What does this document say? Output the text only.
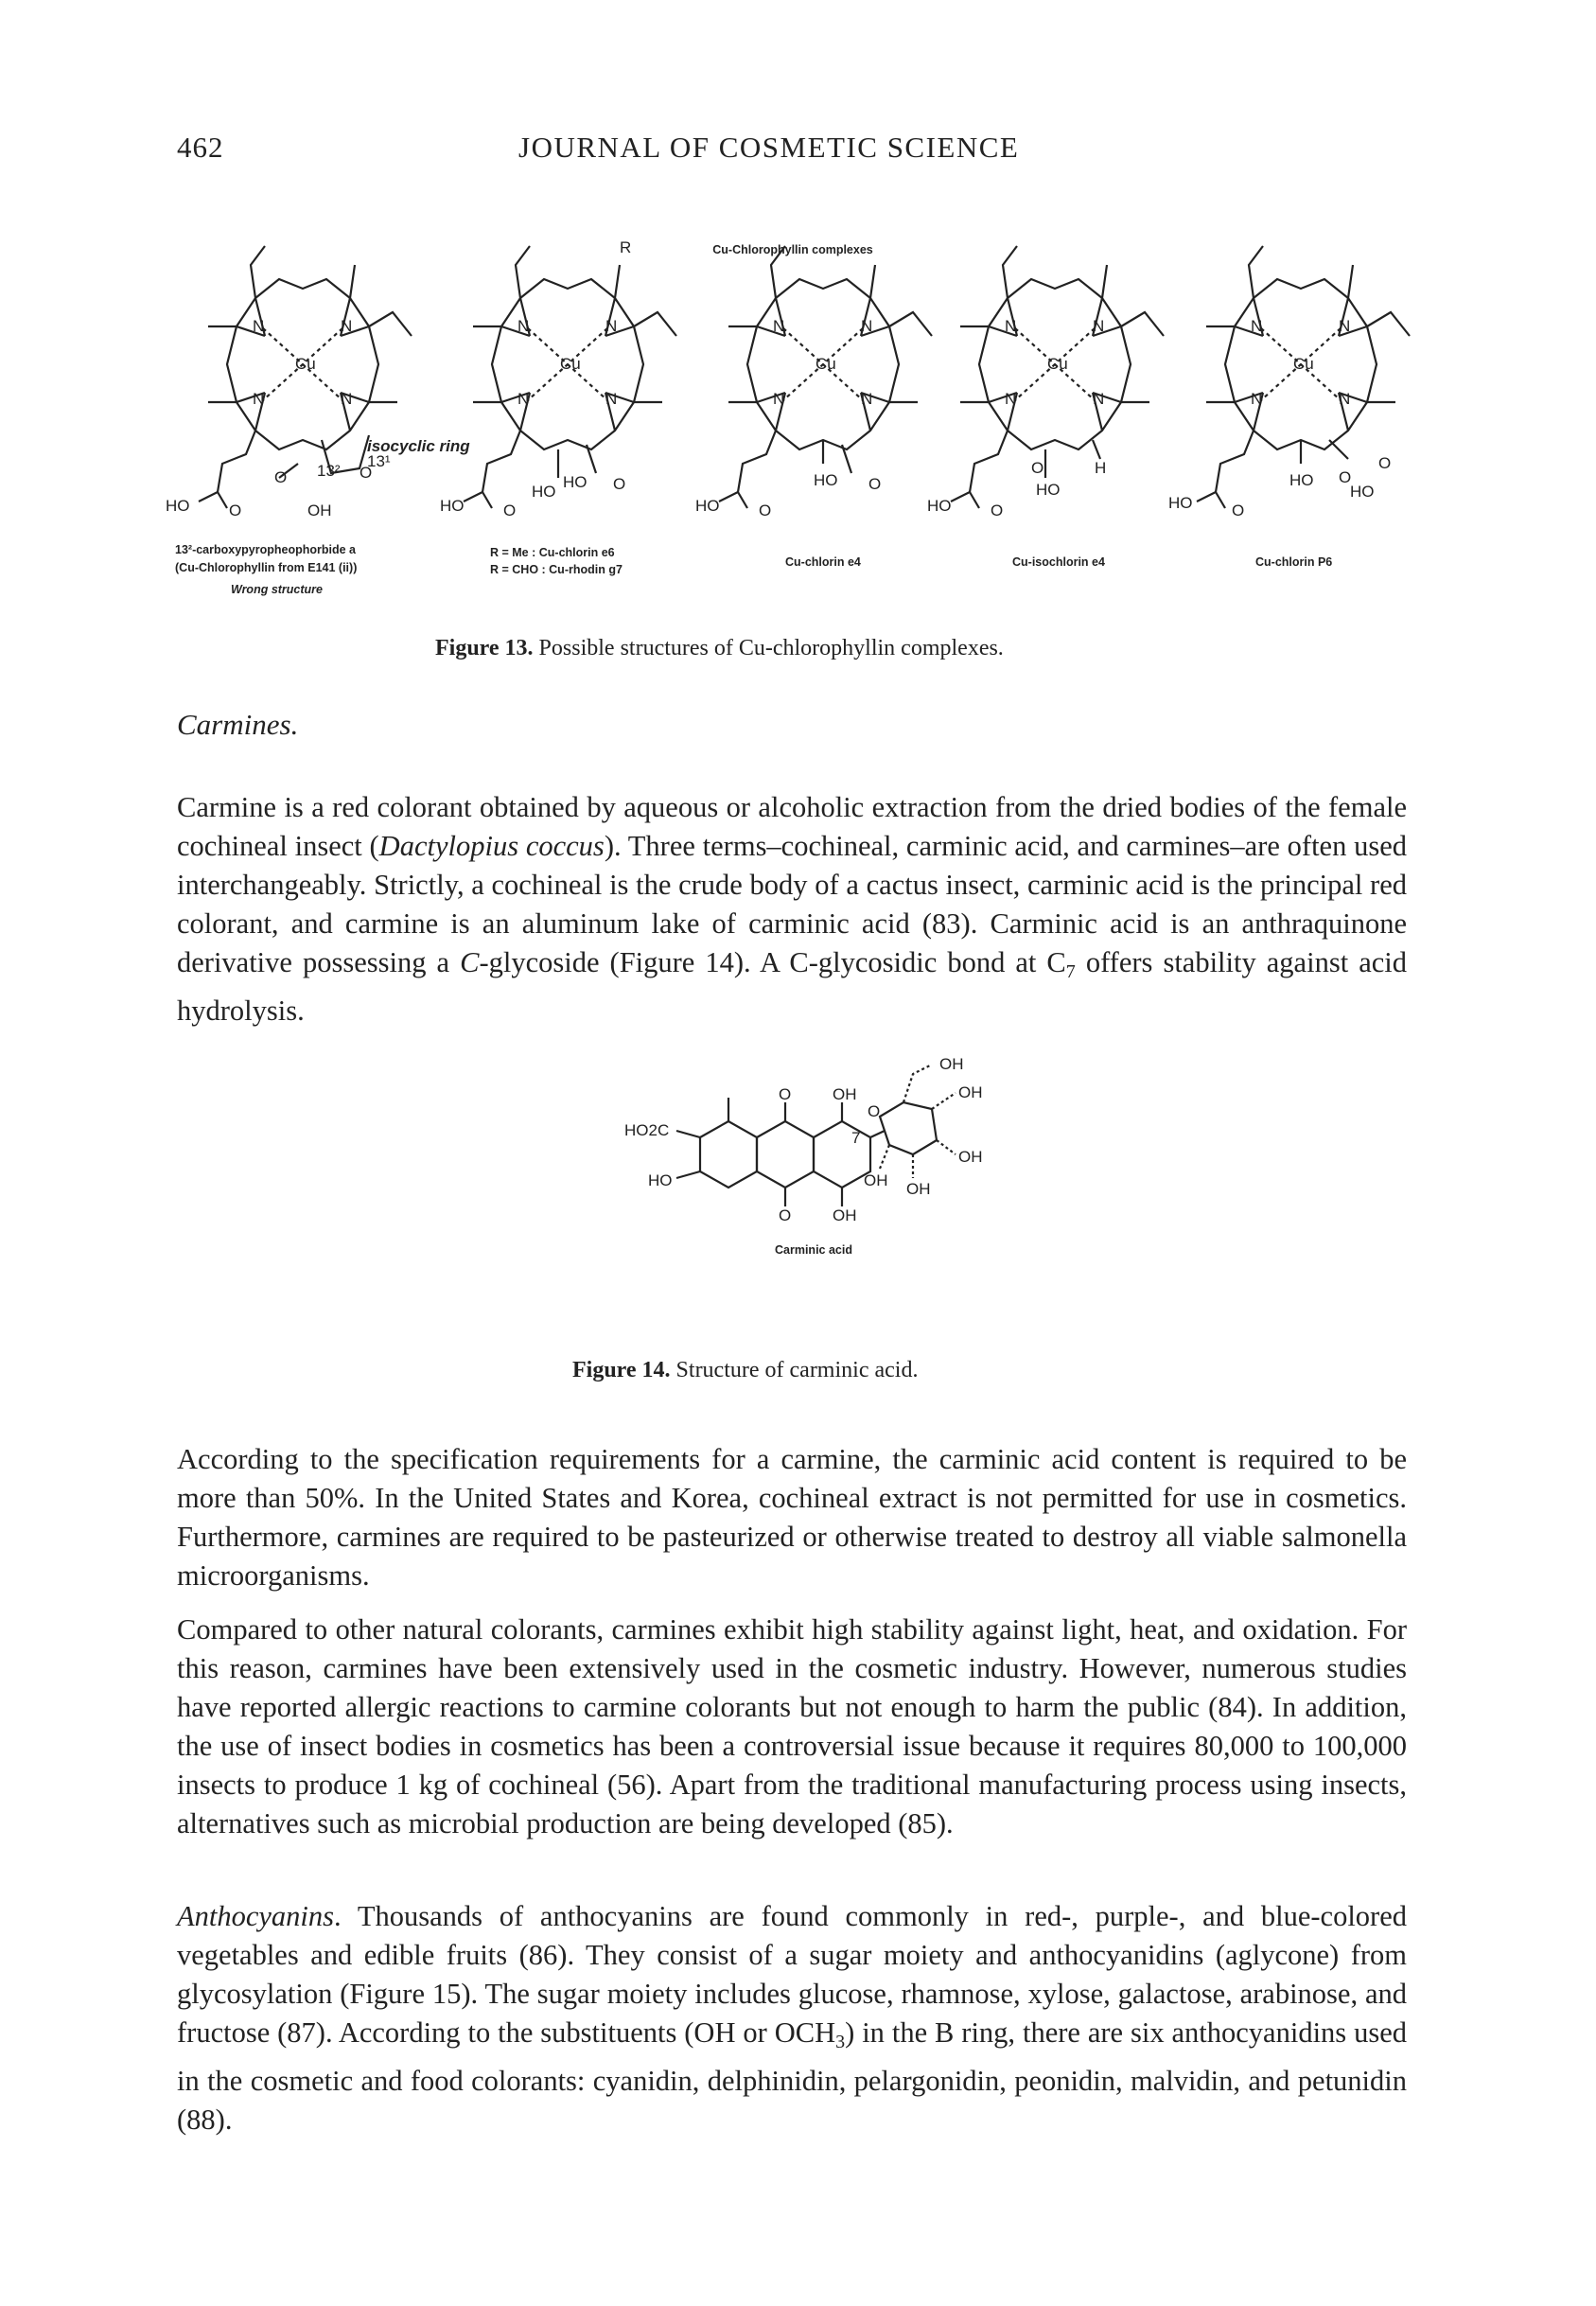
462	JOURNAL OF COSMETIC SCIENCE
Cu-Chlorophyllin complexes
N	N
N	N
Cu
HO O
O
OH
O
13¹
13²
isocyclic ring
R
N	N
N	N
Cu
HO O
HO
HO O
N	N
N	N
Cu
HO O
HO O
N	N
N	N
Cu
HO O
O
HO
H
N	N
N	N
Cu
HO O
HO O
O
HO
13²-carboxypyropheophorbide a
(Cu-Chlorophyllin from E141 (ii))
Wrong structure
R = Me : Cu-chlorin e6
R = CHO : Cu-rhodin g7
Cu-chlorin e4	Cu-isochlorin e4	Cu-chlorin P6
Figure 13. Possible structures of Cu-chlorophyllin complexes.
Carmines.

Carmine is a red colorant obtained by aqueous or alcoholic extraction from the dried bodies of the female cochineal insect (Dactylopius coccus). Three terms–cochineal, carminic acid, and carmines–are often used interchangeably. Strictly, a cochineal is the crude body of a cactus insect, carminic acid is the principal red colorant, and carmine is an aluminum lake of carminic acid (83). Carminic acid is an anthraquinone derivative possessing a C-glycoside (Figure 14). A C-glycosidic bond at $C_7$ offers stability against acid hydrolysis.

OH
OH
OH
OH
O
7
O	OH
O	OH
OH
HO2C
HO
Carminic acid
Figure 14. Structure of carminic acid.

According to the specification requirements for a carmine, the carminic acid content is required to be more than 50%. In the United States and Korea, cochineal extract is not permitted for use in cosmetics. Furthermore, carmines are required to be pasteurized or otherwise treated to destroy all viable salmonella microorganisms.

Compared to other natural colorants, carmines exhibit high stability against light, heat, and oxidation. For this reason, carmines have been extensively used in the cosmetic industry. However, numerous studies have reported allergic reactions to carmine colorants but not enough to harm the public (84). In addition, the use of insect bodies in cosmetics has been a controversial issue because it requires 80,000 to 100,000 insects to produce 1 kg of cochineal (56). Apart from the traditional manufacturing process using insects, alternatives such as microbial production are being developed (85).

Anthocyanins. Thousands of anthocyanins are found commonly in red-, purple-, and blue-colored vegetables and edible fruits (86). They consist of a sugar moiety and anthocyanidins (aglycone) from glycosylation (Figure 15). The sugar moiety includes glucose, rhamnose, xylose, galactose, arabinose, and fructose (87). According to the substituents (OH or $OCH_3$) in the B ring, there are six anthocyanidins used in the cosmetic and food colorants: cyanidin, delphinidin, pelargonidin, peonidin, malvidin, and petunidin (88).
